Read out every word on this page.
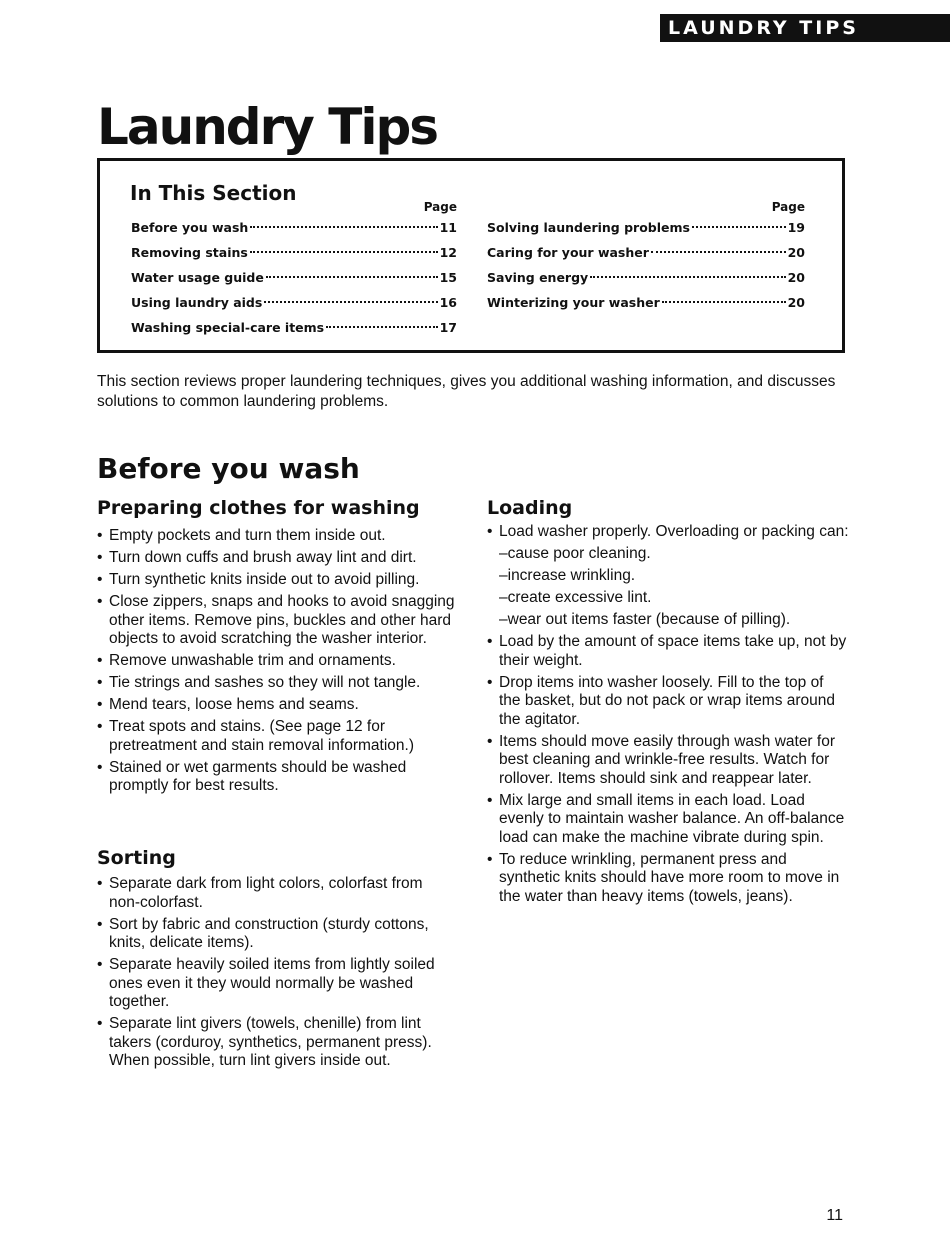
LAUNDRY TIPS
Laundry Tips
In This Section
Page
Before you wash	11
Removing stains	12
Water usage guide	15
Using laundry aids	16
Washing special-care items	17
Page
Solving laundering problems	19
Caring for your washer	20
Saving energy	20
Winterizing your washer	20

This section reviews proper laundering techniques, gives you additional washing information, and discusses solutions to common laundering problems.

Before you wash
Preparing clothes for washing
• Empty pockets and turn them inside out.
• Turn down cuffs and brush away lint and dirt.
• Turn synthetic knits inside out to avoid pilling.
• Close zippers, snaps and hooks to avoid snagging other items. Remove pins, buckles and other hard objects to avoid scratching the washer interior.
• Remove unwashable trim and ornaments.
• Tie strings and sashes so they will not tangle.
• Mend tears, loose hems and seams.
• Treat spots and stains. (See page 12 for pretreatment and stain removal information.)
• Stained or wet garments should be washed promptly for best results.
Sorting
• Separate dark from light colors, colorfast from non-colorfast.
• Sort by fabric and construction (sturdy cottons, knits, delicate items).
• Separate heavily soiled items from lightly soiled ones even it they would normally be washed together.
• Separate lint givers (towels, chenille) from lint takers (corduroy, synthetics, permanent press). When possible, turn lint givers inside out.
Loading
• Load washer properly. Overloading or packing can:
–cause poor cleaning.
–increase wrinkling.
–create excessive lint.
–wear out items faster (because of pilling).
• Load by the amount of space items take up, not by their weight.
• Drop items into washer loosely. Fill to the top of the basket, but do not pack or wrap items around the agitator.
• Items should move easily through wash water for best cleaning and wrinkle-free results. Watch for rollover. Items should sink and reappear later.
• Mix large and small items in each load. Load evenly to maintain washer balance. An off-balance load can make the machine vibrate during spin.
• To reduce wrinkling, permanent press and synthetic knits should have more room to move in the water than heavy items (towels, jeans).
11
